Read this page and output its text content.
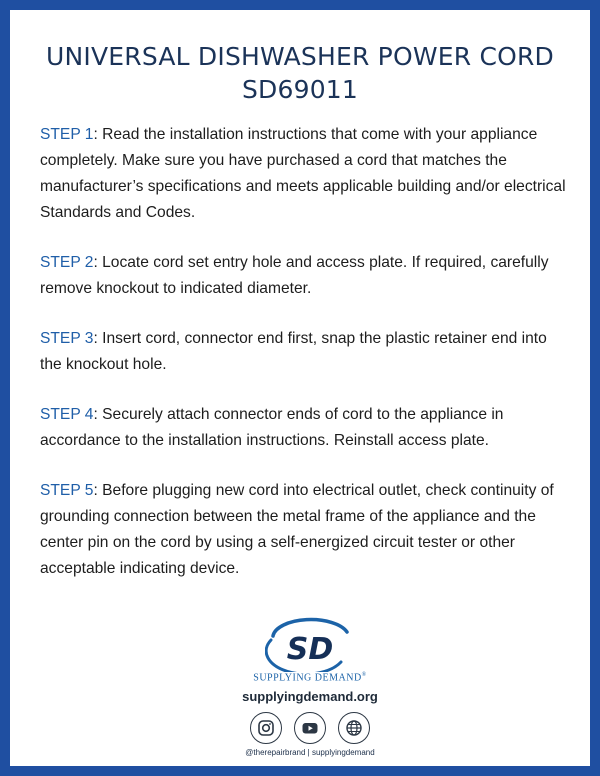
UNIVERSAL DISHWASHER POWER CORD
SD69011

STEP 1: Read the installation instructions that come with your appliance completely. Make sure you have purchased a cord that matches the manufacturer’s specifications and meets applicable building and/or electrical Standards and Codes.

STEP 2: Locate cord set entry hole and access plate. If required, carefully remove knockout to indicated diameter.

STEP 3: Insert cord, connector end first, snap the plastic retainer end into the knockout hole.

STEP 4: Securely attach connector ends of cord to the appliance in accordance to the installation instructions. Reinstall access plate.

STEP 5: Before plugging new cord into electrical outlet, check continuity of grounding connection between the metal frame of the appliance and the center pin on the cord by using a self-energized circuit tester or other acceptable indicating device.

SD
SUPPLYING DEMAND®
supplyingdemand.org
@therepairbrand | supplyingdemand
